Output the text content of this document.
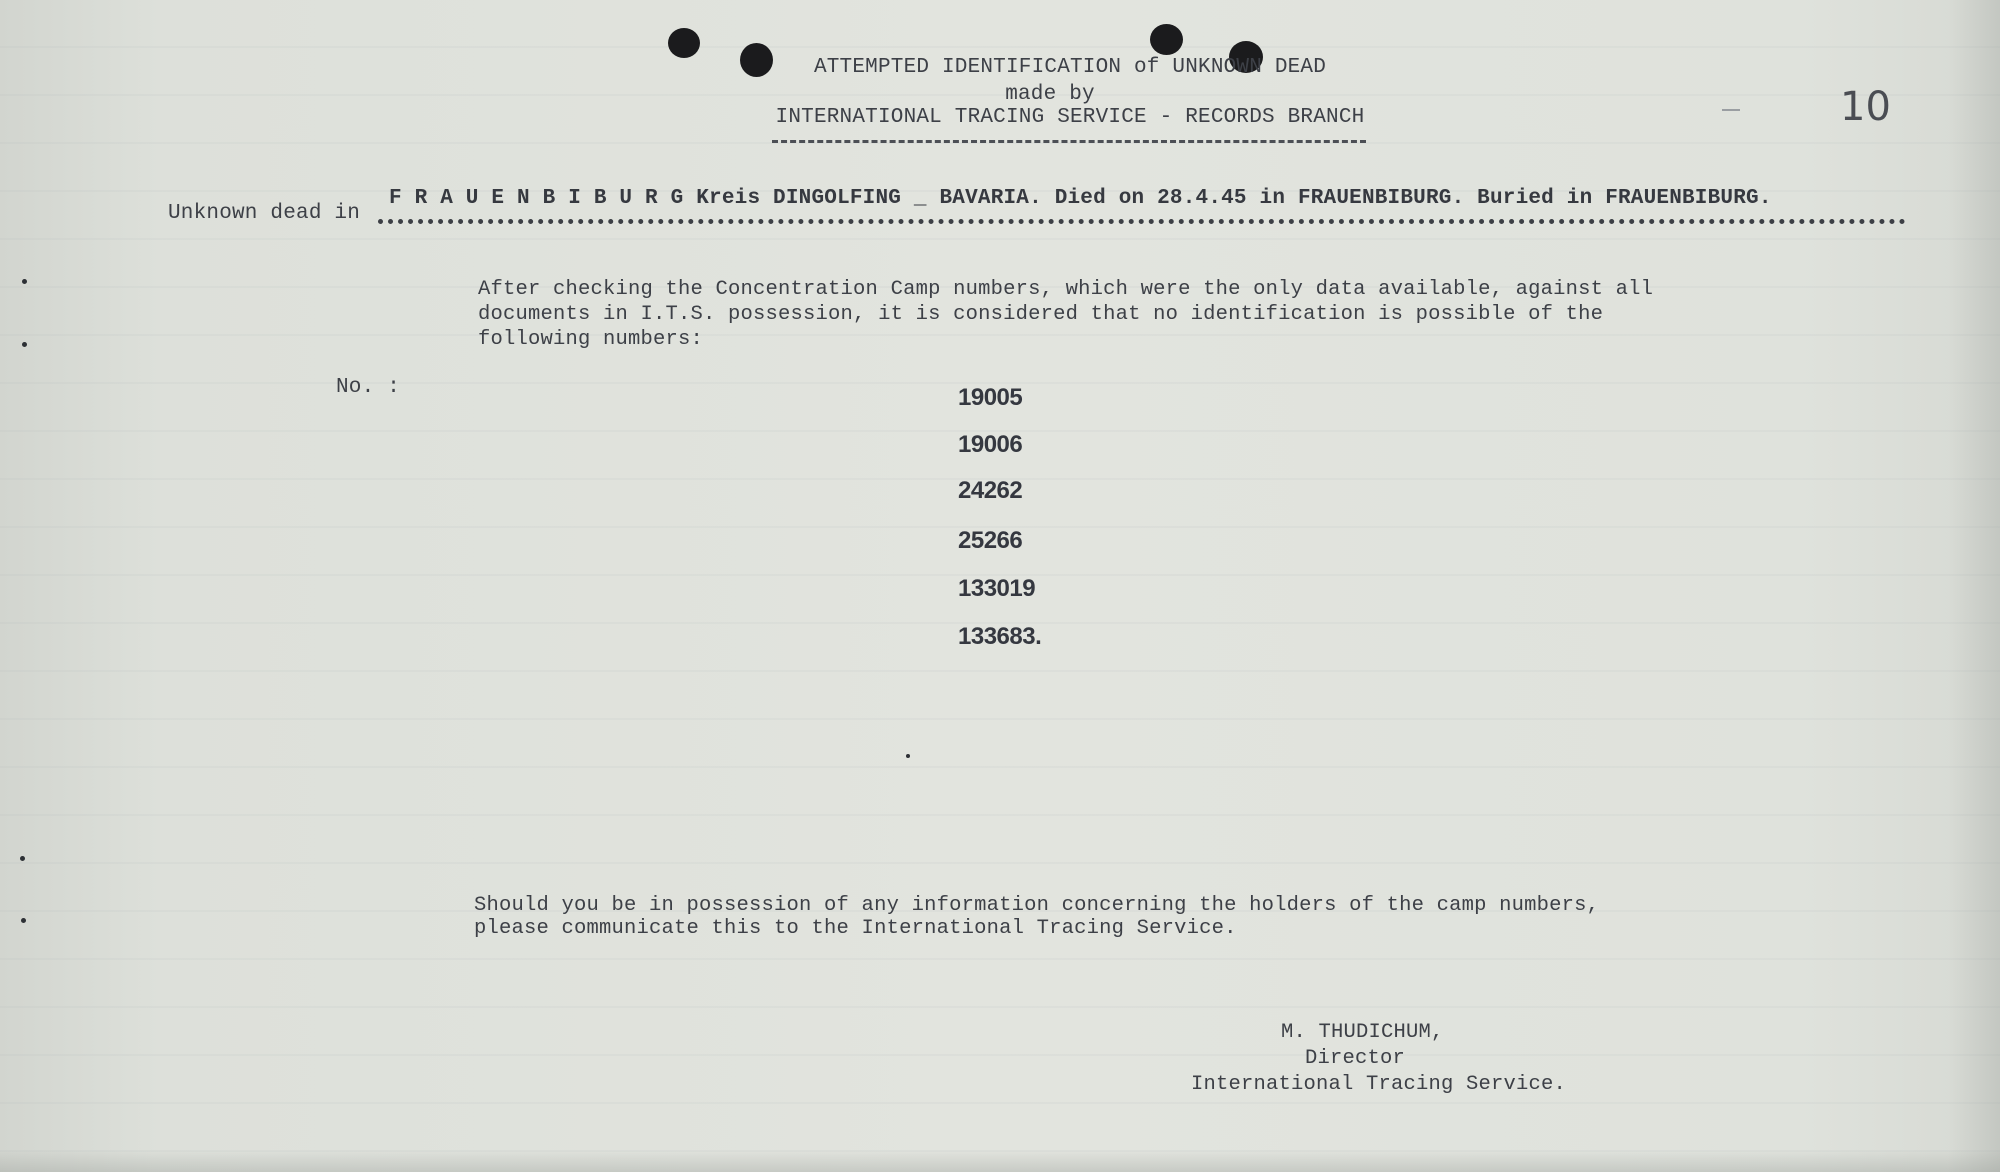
ATTEMPTED IDENTIFICATION of UNKNOWN DEAD
made by
INTERNATIONAL TRACING SERVICE - RECORDS BRANCH	10
Unknown dead in
F R A U E N B I B U R G Kreis DINGOLFING _ BAVARIA. Died on 28.4.45 in FRAUENBIBURG. Buried in FRAUENBIBURG.
After checking the Concentration Camp numbers, which were the only data available, against all
documents in I.T.S. possession, it is considered that no identification is possible of the
following numbers:
No. :	19005
19006
24262
25266
133019
133683.
Should you be in possession of any information concerning the holders of the camp numbers,
please communicate this to the International Tracing Service.
M. THUDICHUM,
Director
International Tracing Service.
